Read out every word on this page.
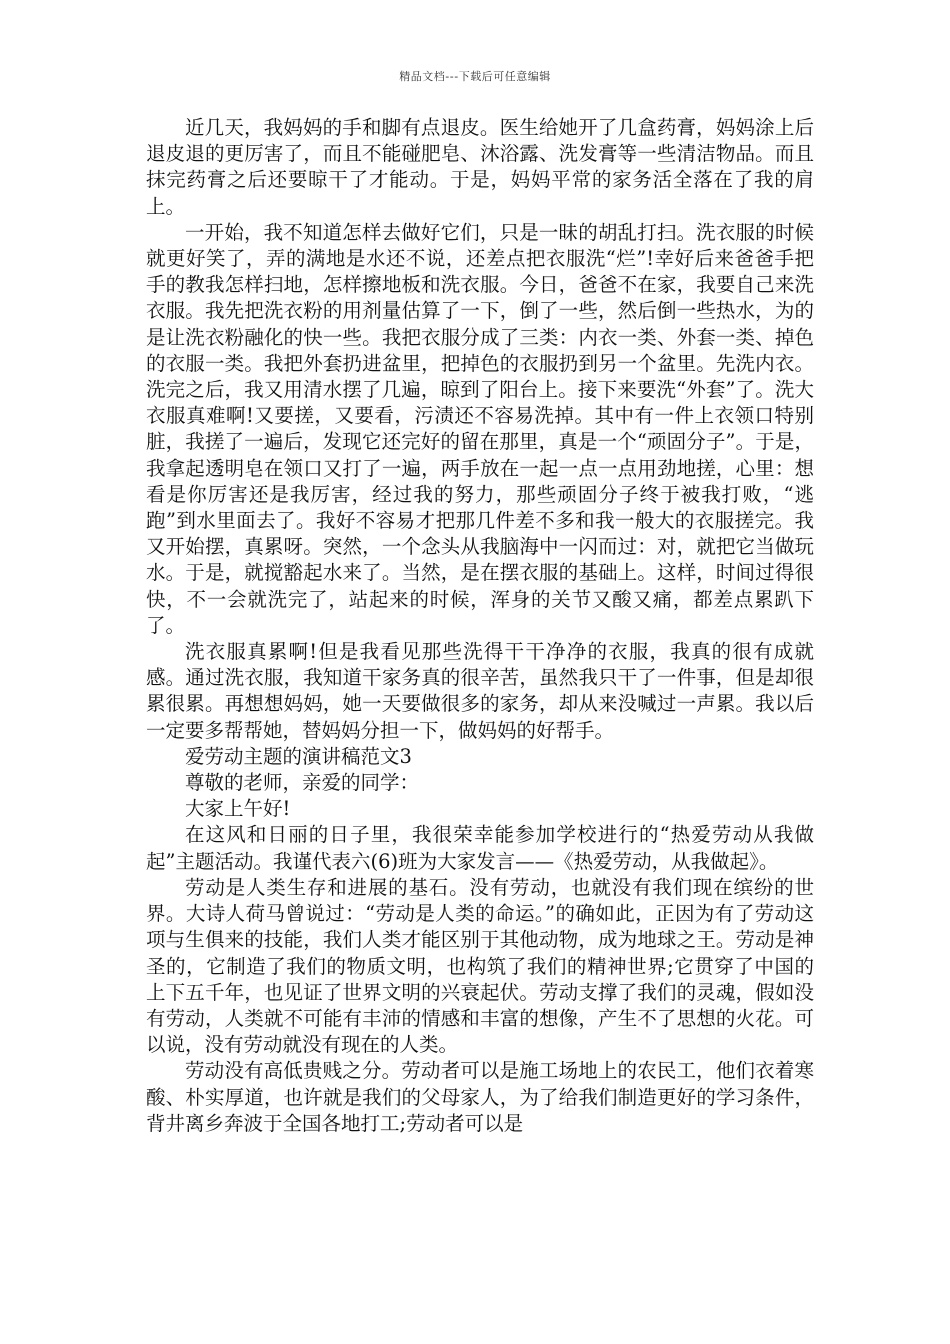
精品文档---下载后可任意编辑

近几天，我妈妈的手和脚有点退皮。医生给她开了几盒药膏，妈妈涂上后退皮退的更厉害了，而且不能碰肥皂、沐浴露、洗发膏等一些清洁物品。而且抹完药膏之后还要晾干了才能动。于是，妈妈平常的家务活全落在了我的肩上。

一开始，我不知道怎样去做好它们，只是一昧的胡乱打扫。洗衣服的时候就更好笑了，弄的满地是水还不说，还差点把衣服洗“烂”!幸好后来爸爸手把手的教我怎样扫地，怎样擦地板和洗衣服。今日，爸爸不在家，我要自己来洗衣服。我先把洗衣粉的用剂量估算了一下，倒了一些，然后倒一些热水，为的是让洗衣粉融化的快一些。我把衣服分成了三类：内衣一类、外套一类、掉色的衣服一类。我把外套扔进盆里，把掉色的衣服扔到另一个盆里。先洗内衣。洗完之后，我又用清水摆了几遍，晾到了阳台上。接下来要洗“外套”了。洗大衣服真难啊!又要搓，又要看，污渍还不容易洗掉。其中有一件上衣领口特别脏，我搓了一遍后，发现它还完好的留在那里，真是一个“顽固分子”。于是，我拿起透明皂在领口又打了一遍，两手放在一起一点一点用劲地搓，心里：想看是你厉害还是我厉害，经过我的努力，那些顽固分子终于被我打败，“逃跑”到水里面去了。我好不容易才把那几件差不多和我一般大的衣服搓完。我又开始摆，真累呀。突然，一个念头从我脑海中一闪而过：对，就把它当做玩水。于是，就搅豁起水来了。当然，是在摆衣服的基础上。这样，时间过得很快，不一会就洗完了，站起来的时候，浑身的关节又酸又痛，都差点累趴下了。

洗衣服真累啊!但是我看见那些洗得干干净净的衣服，我真的很有成就感。通过洗衣服，我知道干家务真的很辛苦，虽然我只干了一件事，但是却很累很累。再想想妈妈，她一天要做很多的家务，却从来没喊过一声累。我以后一定要多帮帮她，替妈妈分担一下，做妈妈的好帮手。

爱劳动主题的演讲稿范文3

尊敬的老师，亲爱的同学：

大家上午好!

在这风和日丽的日子里，我很荣幸能参加学校进行的“热爱劳动从我做起”主题活动。我谨代表六(6)班为大家发言——《热爱劳动，从我做起》。

劳动是人类生存和进展的基石。没有劳动，也就没有我们现在缤纷的世界。大诗人荷马曾说过：“劳动是人类的命运。”的确如此，正因为有了劳动这项与生俱来的技能，我们人类才能区别于其他动物，成为地球之王。劳动是神圣的，它制造了我们的物质文明，也构筑了我们的精神世界;它贯穿了中国的上下五千年，也见证了世界文明的兴衰起伏。劳动支撑了我们的灵魂，假如没有劳动，人类就不可能有丰沛的情感和丰富的想像，产生不了思想的火花。可以说，没有劳动就没有现在的人类。

劳动没有高低贵贱之分。劳动者可以是施工场地上的农民工，他们衣着寒酸、朴实厚道，也许就是我们的父母家人，为了给我们制造更好的学习条件，背井离乡奔波于全国各地打工;劳动者可以是
